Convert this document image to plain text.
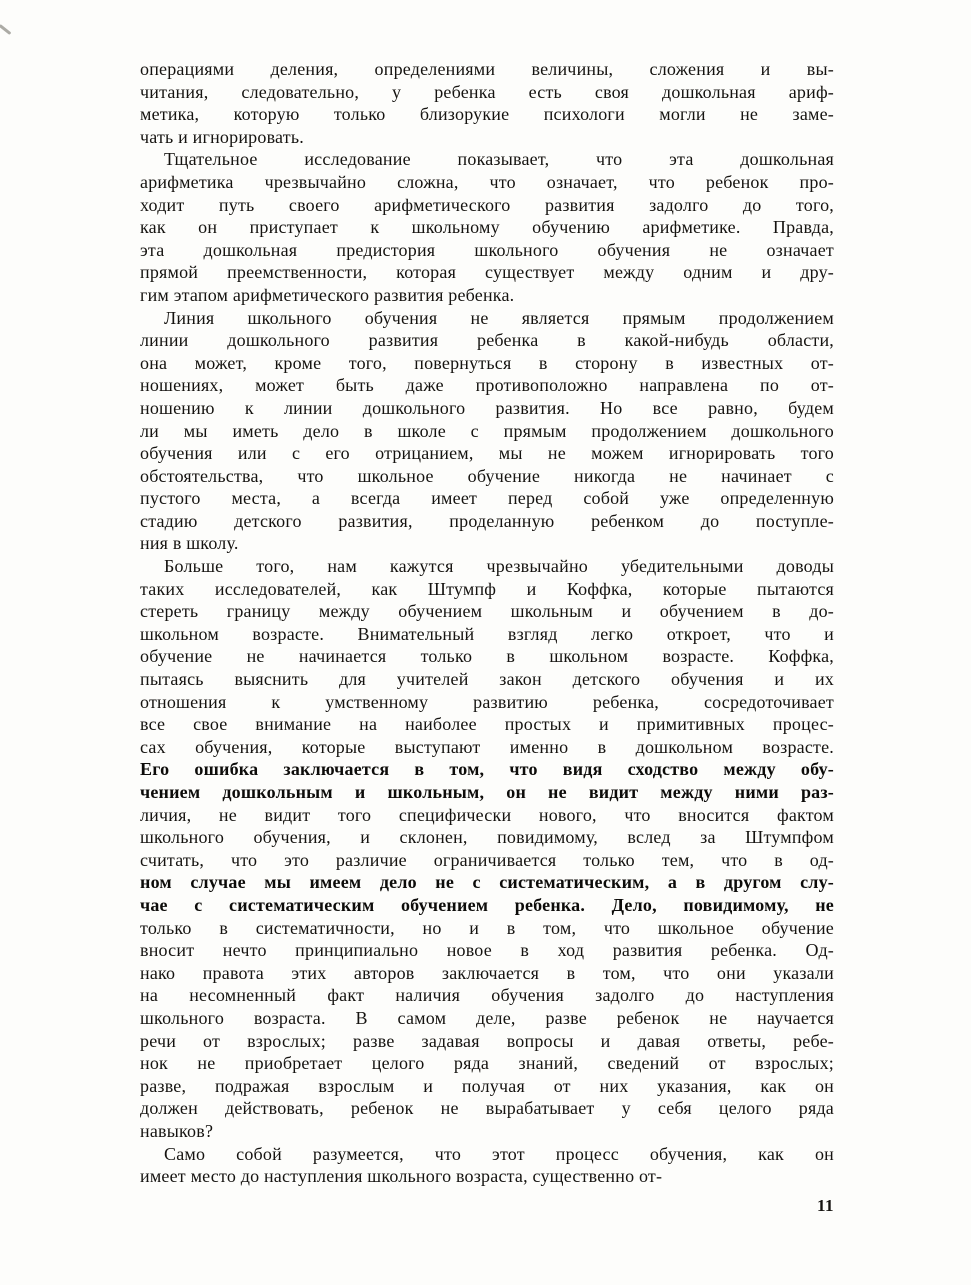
операциями деления, определениями величины, сложения и вы-
читания, следовательно, у ребенка есть своя дошкольная ариф-
метика, которую только близорукие психологи могли не заме-
чать и игнорировать.
Тщательное исследование показывает, что эта дошкольная
арифметика чрезвычайно сложна, что означает, что ребенок про-
ходит путь своего арифметического развития задолго до того,
как он приступает к школьному обучению арифметике. Правда,
эта дошкольная предистория школьного обучения не означает
прямой преемственности, которая существует между одним и дру-
гим этапом арифметического развития ребенка.
Линия школьного обучения не является прямым продолжением
линии дошкольного развития ребенка в какой-нибудь области,
она может, кроме того, повернуться в сторону в известных от-
ношениях, может быть даже противоположно направлена по от-
ношению к линии дошкольного развития. Но все равно, будем
ли мы иметь дело в школе с прямым продолжением дошкольного
обучения или с его отрицанием, мы не можем игнорировать того
обстоятельства, что школьное обучение никогда не начинает с
пустого места, а всегда имеет перед собой уже определенную
стадию детского развития, проделанную ребенком до поступле-
ния в школу.
Больше того, нам кажутся чрезвычайно убедительными доводы
таких исследователей, как Штумпф и Коффка, которые пытаются
стереть границу между обучением школьным и обучением в до-
школьном возрасте. Внимательный взгляд легко откроет, что и
обучение не начинается только в школьном возрасте. Коффка,
пытаясь выяснить для учителей закон детского обучения и их
отношения к умственному развитию ребенка, сосредоточивает
все свое внимание на наиболее простых и примитивных процес-
сах обучения, которые выступают именно в дошкольном возрасте.
Его ошибка заключается в том, что видя сходство между обу-
чением дошкольным и школьным, он не видит между ними раз-
личия, не видит того специфически нового, что вносится фактом
школьного обучения, и склонен, повидимому, вслед за Штумпфом
считать, что это различие ограничивается только тем, что в од-
ном случае мы имеем дело не с систематическим, а в другом слу-
чае с систематическим обучением ребенка. Дело, повидимому, не
только в систематичности, но и в том, что школьное обучение
вносит нечто принципиально новое в ход развития ребенка. Од-
нако правота этих авторов заключается в том, что они указали
на несомненный факт наличия обучения задолго до наступления
школьного возраста. В самом деле, разве ребенок не научается
речи от взрослых; разве задавая вопросы и давая ответы, ребе-
нок не приобретает целого ряда знаний, сведений от взрослых;
разве, подражая взрослым и получая от них указания, как он
должен действовать, ребенок не вырабатывает у себя целого ряда
навыков?
Само собой разумеется, что этот процесс обучения, как он
имеет место до наступления школьного возраста, существенно от-
11
